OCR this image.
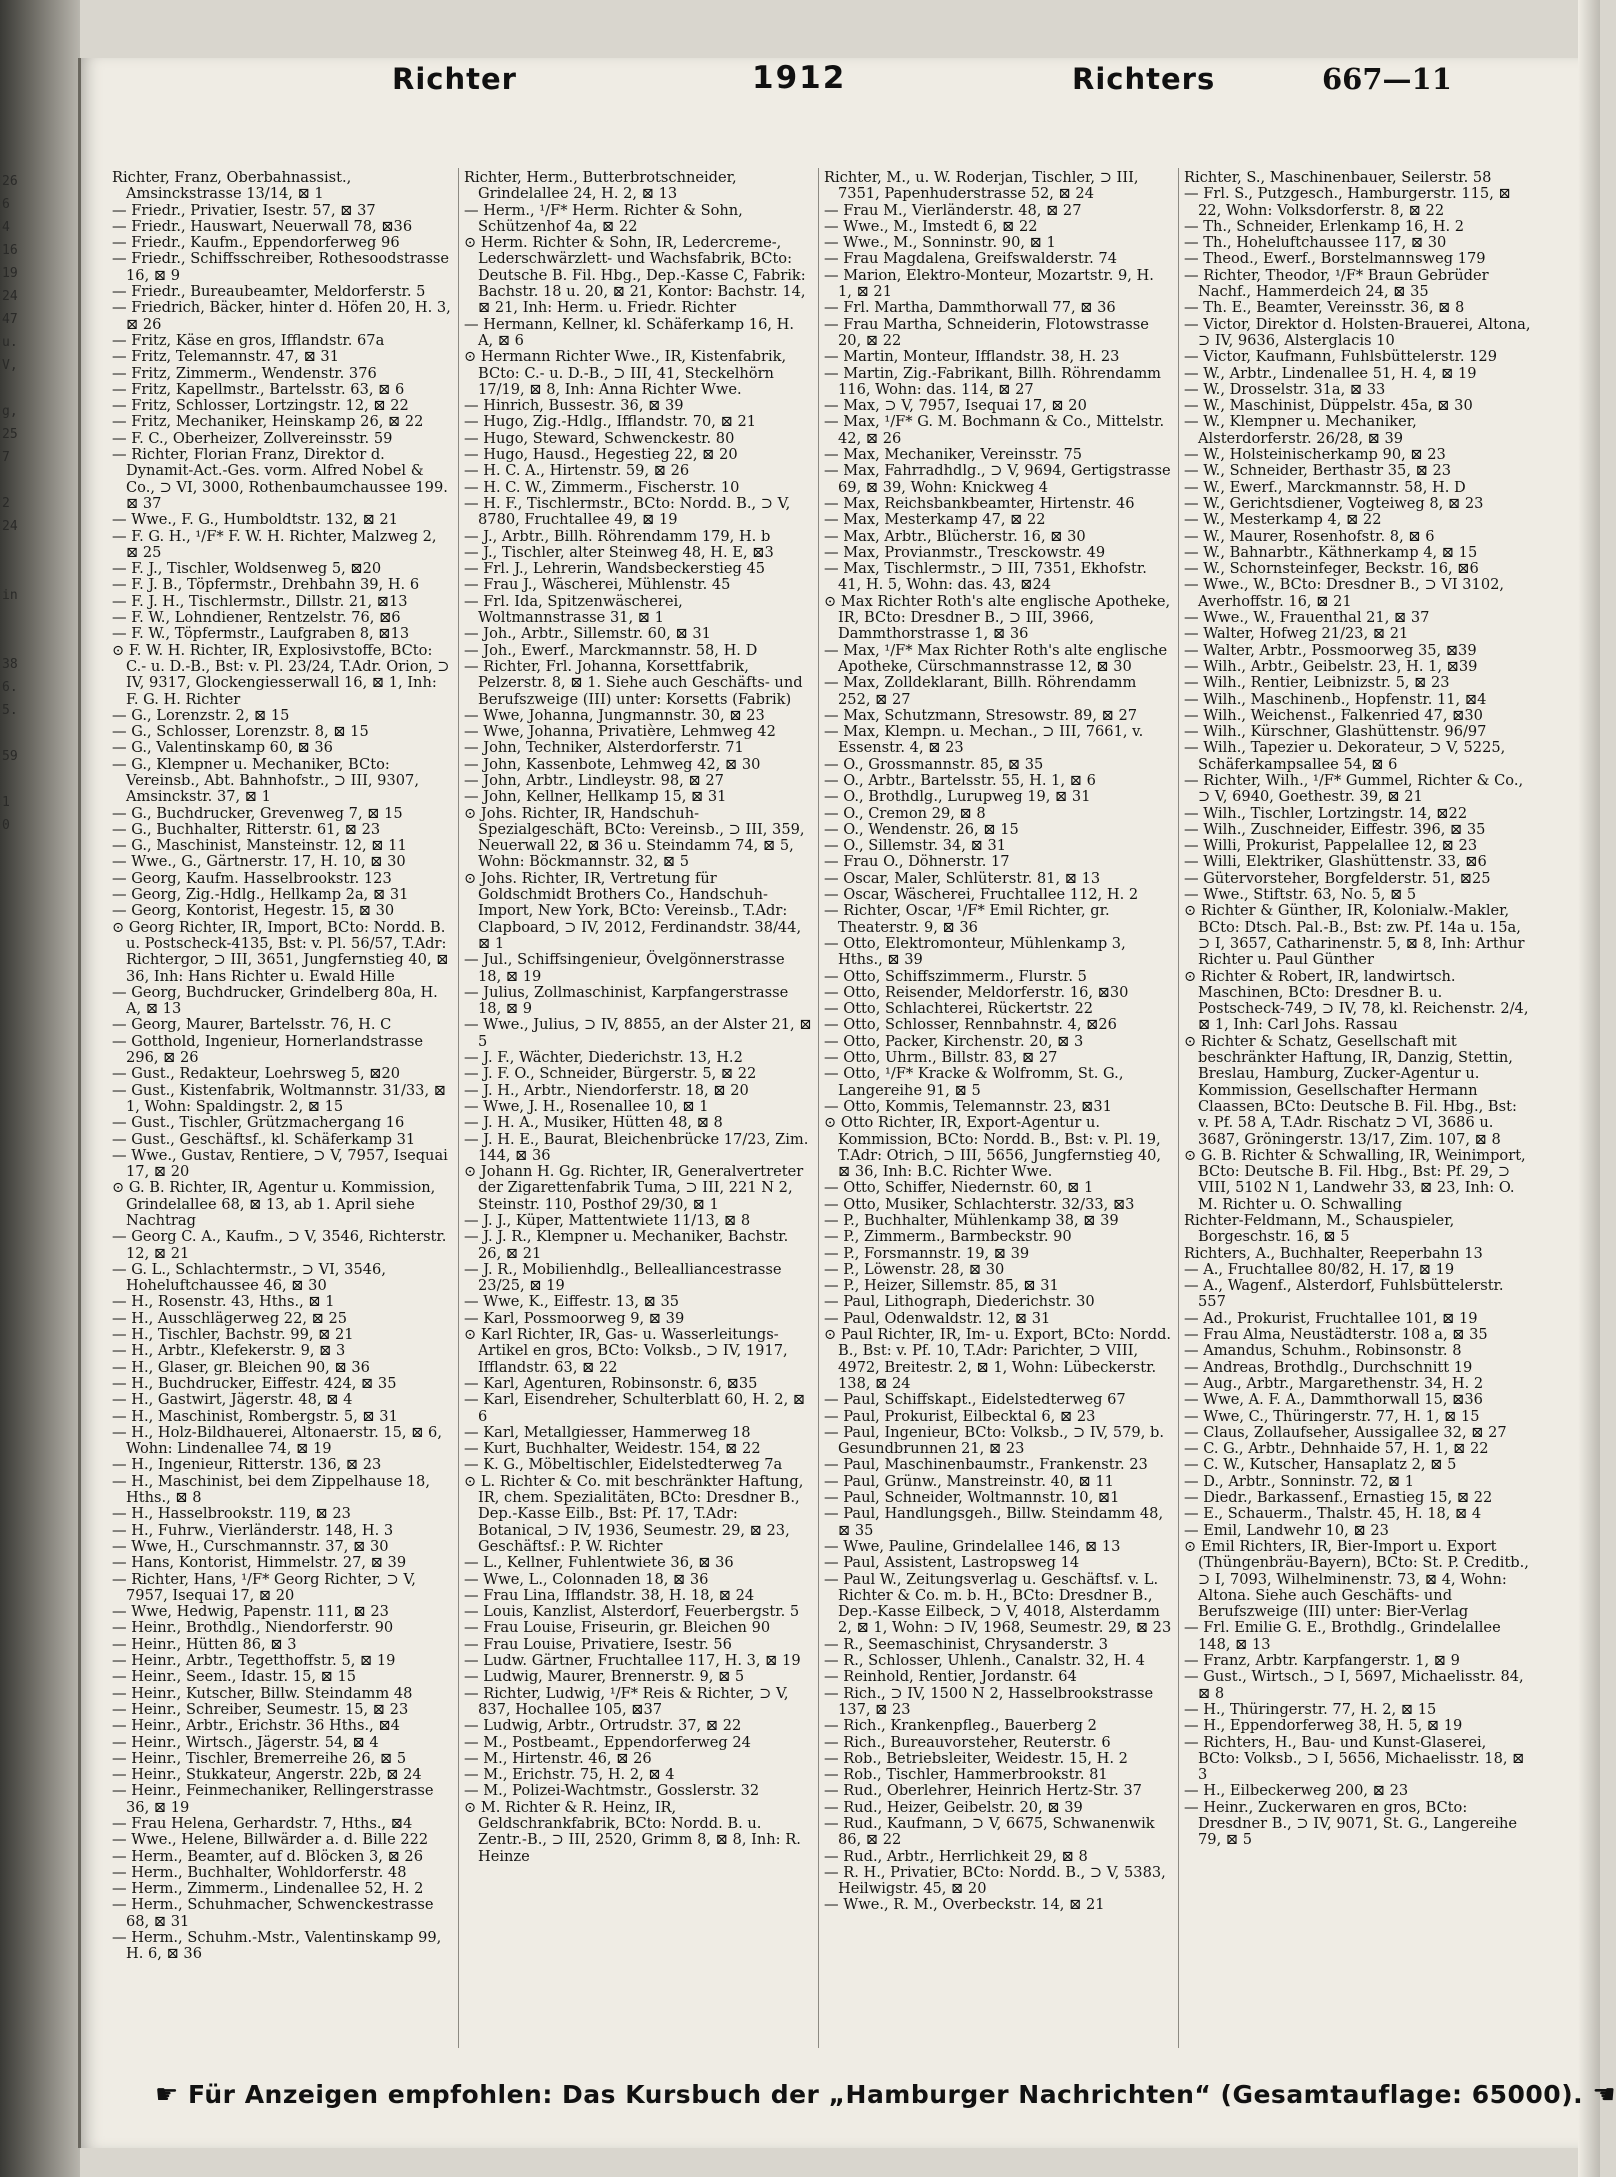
26
6
4
16
19
24
47
u.
V,

g,
25
7

2
24

in

38
6.
5.

59

1
0

Richter	1912	Richters	667—11

Richter, Franz, Oberbahnassist., Amsinckstrasse 13/14, ⊠ 1

— Friedr., Privatier, Isestr. 57, ⊠ 37

— Friedr., Hauswart, Neuerwall 78, ⊠36

— Friedr., Kaufm., Eppendorferweg 96

— Friedr., Schiffsschreiber, Rothesoodstrasse 16, ⊠ 9

— Friedr., Bureaubeamter, Meldorferstr. 5

— Friedrich, Bäcker, hinter d. Höfen 20, H. 3, ⊠ 26

— Fritz, Käse en gros, Ifflandstr. 67a

— Fritz, Telemannstr. 47, ⊠ 31

— Fritz, Zimmerm., Wendenstr. 376

— Fritz, Kapellmstr., Bartelsstr. 63, ⊠ 6

— Fritz, Schlosser, Lortzingstr. 12, ⊠ 22

— Fritz, Mechaniker, Heinskamp 26, ⊠ 22

— F. C., Oberheizer, Zollvereinsstr. 59

— Richter, Florian Franz, Direktor d. Dynamit-Act.-Ges. vorm. Alfred Nobel & Co., ⊃ VI, 3000, Rothenbaumchaussee 199. ⊠ 37

— Wwe., F. G., Humboldtstr. 132, ⊠ 21

— F. G. H., ¹/F* F. W. H. Richter, Malzweg 2, ⊠ 25

— F. J., Tischler, Woldsenweg 5, ⊠20

— F. J. B., Töpfermstr., Drehbahn 39, H. 6

— F. J. H., Tischlermstr., Dillstr. 21, ⊠13

— F. W., Lohndiener, Rentzelstr. 76, ⊠6

— F. W., Töpfermstr., Laufgraben 8, ⊠13

⊙ F. W. H. Richter, IR, Explosivstoffe, BCto: C.- u. D.-B., Bst: v. Pl. 23/24, T.Adr. Orion, ⊃ IV, 9317, Glockengiesserwall 16, ⊠ 1, Inh: F. G. H. Richter

— G., Lorenzstr. 2, ⊠ 15

— G., Schlosser, Lorenzstr. 8, ⊠ 15

— G., Valentinskamp 60, ⊠ 36

— G., Klempner u. Mechaniker, BCto: Vereinsb., Abt. Bahnhofstr., ⊃ III, 9307, Amsinckstr. 37, ⊠ 1

— G., Buchdrucker, Grevenweg 7, ⊠ 15

— G., Buchhalter, Ritterstr. 61, ⊠ 23

— G., Maschinist, Mansteinstr. 12, ⊠ 11

— Wwe., G., Gärtnerstr. 17, H. 10, ⊠ 30

— Georg, Kaufm. Hasselbrookstr. 123

— Georg, Zig.-Hdlg., Hellkamp 2a, ⊠ 31

— Georg, Kontorist, Hegestr. 15, ⊠ 30

⊙ Georg Richter, IR, Import, BCto: Nordd. B. u. Postscheck-4135, Bst: v. Pl. 56/57, T.Adr: Richtergor, ⊃ III, 3651, Jungfernstieg 40, ⊠ 36, Inh: Hans Richter u. Ewald Hille

— Georg, Buchdrucker, Grindelberg 80a, H. A, ⊠ 13

— Georg, Maurer, Bartelsstr. 76, H. C

— Gotthold, Ingenieur, Hornerlandstrasse 296, ⊠ 26

— Gust., Redakteur, Loehrsweg 5, ⊠20

— Gust., Kistenfabrik, Woltmannstr. 31/33, ⊠ 1, Wohn: Spaldingstr. 2, ⊠ 15

— Gust., Tischler, Grützmachergang 16

— Gust., Geschäftsf., kl. Schäferkamp 31

— Wwe., Gustav, Rentiere, ⊃ V, 7957, Isequai 17, ⊠ 20

⊙ G. B. Richter, IR, Agentur u. Kommission, Grindelallee 68, ⊠ 13, ab 1. April siehe Nachtrag

— Georg C. A., Kaufm., ⊃ V, 3546, Richterstr. 12, ⊠ 21

— G. L., Schlachtermstr., ⊃ VI, 3546, Hoheluftchaussee 46, ⊠ 30

— H., Rosenstr. 43, Hths., ⊠ 1

— H., Ausschlägerweg 22, ⊠ 25

— H., Tischler, Bachstr. 99, ⊠ 21

— H., Arbtr., Klefekerstr. 9, ⊠ 3

— H., Glaser, gr. Bleichen 90, ⊠ 36

— H., Buchdrucker, Eiffestr. 424, ⊠ 35

— H., Gastwirt, Jägerstr. 48, ⊠ 4

— H., Maschinist, Rombergstr. 5, ⊠ 31

— H., Holz-Bildhauerei, Altonaerstr. 15, ⊠ 6, Wohn: Lindenallee 74, ⊠ 19

— H., Ingenieur, Ritterstr. 136, ⊠ 23

— H., Maschinist, bei dem Zippelhause 18, Hths., ⊠ 8

— H., Hasselbrookstr. 119, ⊠ 23

— H., Fuhrw., Vierländerstr. 148, H. 3

— Wwe, H., Curschmannstr. 37, ⊠ 30

— Hans, Kontorist, Himmelstr. 27, ⊠ 39

— Richter, Hans, ¹/F* Georg Richter, ⊃ V, 7957, Isequai 17, ⊠ 20

— Wwe, Hedwig, Papenstr. 111, ⊠ 23

— Heinr., Brothdlg., Niendorferstr. 90

— Heinr., Hütten 86, ⊠ 3

— Heinr., Arbtr., Tegetthoffstr. 5, ⊠ 19

— Heinr., Seem., Idastr. 15, ⊠ 15

— Heinr., Kutscher, Billw. Steindamm 48

— Heinr., Schreiber, Seumestr. 15, ⊠ 23

— Heinr., Arbtr., Erichstr. 36 Hths., ⊠4

— Heinr., Wirtsch., Jägerstr. 54, ⊠ 4

— Heinr., Tischler, Bremerreihe 26, ⊠ 5

— Heinr., Stukkateur, Angerstr. 22b, ⊠ 24

— Heinr., Feinmechaniker, Rellingerstrasse 36, ⊠ 19

— Frau Helena, Gerhardstr. 7, Hths., ⊠4

— Wwe., Helene, Billwärder a. d. Bille 222

— Herm., Beamter, auf d. Blöcken 3, ⊠ 26

— Herm., Buchhalter, Wohldorferstr. 48

— Herm., Zimmerm., Lindenallee 52, H. 2

— Herm., Schuhmacher, Schwenckestrasse 68, ⊠ 31

— Herm., Schuhm.-Mstr., Valentinskamp 99, H. 6, ⊠ 36

Richter, Herm., Butterbrotschneider, Grindelallee 24, H. 2, ⊠ 13

— Herm., ¹/F* Herm. Richter & Sohn, Schützenhof 4a, ⊠ 22

⊙ Herm. Richter & Sohn, IR, Ledercreme-, Lederschwärzlett- und Wachsfabrik, BCto: Deutsche B. Fil. Hbg., Dep.-Kasse C, Fabrik: Bachstr. 18 u. 20, ⊠ 21, Kontor: Bachstr. 14, ⊠ 21, Inh: Herm. u. Friedr. Richter

— Hermann, Kellner, kl. Schäferkamp 16, H. A, ⊠ 6

⊙ Hermann Richter Wwe., IR, Kistenfabrik, BCto: C.- u. D.-B., ⊃ III, 41, Steckelhörn 17/19, ⊠ 8, Inh: Anna Richter Wwe.

— Hinrich, Bussestr. 36, ⊠ 39

— Hugo, Zig.-Hdlg., Ifflandstr. 70, ⊠ 21

— Hugo, Steward, Schwenckestr. 80

— Hugo, Hausd., Hegestieg 22, ⊠ 20

— H. C. A., Hirtenstr. 59, ⊠ 26

— H. C. W., Zimmerm., Fischerstr. 10

— H. F., Tischlermstr., BCto: Nordd. B., ⊃ V, 8780, Fruchtallee 49, ⊠ 19

— J., Arbtr., Billh. Röhrendamm 179, H. b

— J., Tischler, alter Steinweg 48, H. E, ⊠3

— Frl. J., Lehrerin, Wandsbeckerstieg 45

— Frau J., Wäscherei, Mühlenstr. 45

— Frl. Ida, Spitzenwäscherei, Woltmannstrasse 31, ⊠ 1

— Joh., Arbtr., Sillemstr. 60, ⊠ 31

— Joh., Ewerf., Marckmannstr. 58, H. D

— Richter, Frl. Johanna, Korsettfabrik, Pelzerstr. 8, ⊠ 1. Siehe auch Geschäfts- und Berufszweige (III) unter: Korsetts (Fabrik)

— Wwe, Johanna, Jungmannstr. 30, ⊠ 23

— Wwe, Johanna, Privatière, Lehmweg 42

— John, Techniker, Alsterdorferstr. 71

— John, Kassenbote, Lehmweg 42, ⊠ 30

— John, Arbtr., Lindleystr. 98, ⊠ 27

— John, Kellner, Hellkamp 15, ⊠ 31

⊙ Johs. Richter, IR, Handschuh-Spezialgeschäft, BCto: Vereinsb., ⊃ III, 359, Neuerwall 22, ⊠ 36 u. Steindamm 74, ⊠ 5, Wohn: Böckmannstr. 32, ⊠ 5

⊙ Johs. Richter, IR, Vertretung für Goldschmidt Brothers Co., Handschuh-Import, New York, BCto: Vereinsb., T.Adr: Clapboard, ⊃ IV, 2012, Ferdinandstr. 38/44, ⊠ 1

— Jul., Schiffsingenieur, Övelgönnerstrasse 18, ⊠ 19

— Julius, Zollmaschinist, Karpfangerstrasse 18, ⊠ 9

— Wwe., Julius, ⊃ IV, 8855, an der Alster 21, ⊠ 5

— J. F., Wächter, Diederichstr. 13, H.2

— J. F. O., Schneider, Bürgerstr. 5, ⊠ 22

— J. H., Arbtr., Niendorferstr. 18, ⊠ 20

— Wwe, J. H., Rosenallee 10, ⊠ 1

— J. H. A., Musiker, Hütten 48, ⊠ 8

— J. H. E., Baurat, Bleichenbrücke 17/23, Zim. 144, ⊠ 36

⊙ Johann H. Gg. Richter, IR, Generalvertreter der Zigarettenfabrik Tuma, ⊃ III, 221 N 2, Steinstr. 110, Posthof 29/30, ⊠ 1

— J. J., Küper, Mattentwiete 11/13, ⊠ 8

— J. J. R., Klempner u. Mechaniker, Bachstr. 26, ⊠ 21

— J. R., Mobilienhdlg., Bellealliancestrasse 23/25, ⊠ 19

— Wwe, K., Eiffestr. 13, ⊠ 35

— Karl, Possmoorweg 9, ⊠ 39

⊙ Karl Richter, IR, Gas- u. Wasserleitungs-Artikel en gros, BCto: Volksb., ⊃ IV, 1917, Ifflandstr. 63, ⊠ 22

— Karl, Agenturen, Robinsonstr. 6, ⊠35

— Karl, Eisendreher, Schulterblatt 60, H. 2, ⊠ 6

— Karl, Metallgiesser, Hammerweg 18

— Kurt, Buchhalter, Weidestr. 154, ⊠ 22

— K. G., Möbeltischler, Eidelstedterweg 7a

⊙ L. Richter & Co. mit beschränkter Haftung, IR, chem. Spezialitäten, BCto: Dresdner B., Dep.-Kasse Eilb., Bst: Pf. 17, T.Adr: Botanical, ⊃ IV, 1936, Seumestr. 29, ⊠ 23, Geschäftsf.: P. W. Richter

— L., Kellner, Fuhlentwiete 36, ⊠ 36

— Wwe, L., Colonnaden 18, ⊠ 36

— Frau Lina, Ifflandstr. 38, H. 18, ⊠ 24

— Louis, Kanzlist, Alsterdorf, Feuerbergstr. 5

— Frau Louise, Friseurin, gr. Bleichen 90

— Frau Louise, Privatiere, Isestr. 56

— Ludw. Gärtner, Fruchtallee 117, H. 3, ⊠ 19

— Ludwig, Maurer, Brennerstr. 9, ⊠ 5

— Richter, Ludwig, ¹/F* Reis & Richter, ⊃ V, 837, Hochallee 105, ⊠37

— Ludwig, Arbtr., Ortrudstr. 37, ⊠ 22

— M., Postbeamt., Eppendorferweg 24

— M., Hirtenstr. 46, ⊠ 26

— M., Erichstr. 75, H. 2, ⊠ 4

— M., Polizei-Wachtmstr., Gosslerstr. 32

⊙ M. Richter & R. Heinz, IR, Geldschrankfabrik, BCto: Nordd. B. u. Zentr.-B., ⊃ III, 2520, Grimm 8, ⊠ 8, Inh: R. Heinze

Richter, M., u. W. Roderjan, Tischler, ⊃ III, 7351, Papenhuderstrasse 52, ⊠ 24

— Frau M., Vierländerstr. 48, ⊠ 27

— Wwe., M., Imstedt 6, ⊠ 22

— Wwe., M., Sonninstr. 90, ⊠ 1

— Frau Magdalena, Greifswalderstr. 74

— Marion, Elektro-Monteur, Mozartstr. 9, H. 1, ⊠ 21

— Frl. Martha, Dammthorwall 77, ⊠ 36

— Frau Martha, Schneiderin, Flotowstrasse 20, ⊠ 22

— Martin, Monteur, Ifflandstr. 38, H. 23

— Martin, Zig.-Fabrikant, Billh. Röhrendamm 116, Wohn: das. 114, ⊠ 27

— Max, ⊃ V, 7957, Isequai 17, ⊠ 20

— Max, ¹/F* G. M. Bochmann & Co., Mittelstr. 42, ⊠ 26

— Max, Mechaniker, Vereinsstr. 75

— Max, Fahrradhdlg., ⊃ V, 9694, Gertigstrasse 69, ⊠ 39, Wohn: Knickweg 4

— Max, Reichsbankbeamter, Hirtenstr. 46

— Max, Mesterkamp 47, ⊠ 22

— Max, Arbtr., Blücherstr. 16, ⊠ 30

— Max, Provianmstr., Tresckowstr. 49

— Max, Tischlermstr., ⊃ III, 7351, Ekhofstr. 41, H. 5, Wohn: das. 43, ⊠24

⊙ Max Richter Roth's alte englische Apotheke, IR, BCto: Dresdner B., ⊃ III, 3966, Dammthorstrasse 1, ⊠ 36

— Max, ¹/F* Max Richter Roth's alte englische Apotheke, Cürschmannstrasse 12, ⊠ 30

— Max, Zolldeklarant, Billh. Röhrendamm 252, ⊠ 27

— Max, Schutzmann, Stresowstr. 89, ⊠ 27

— Max, Klempn. u. Mechan., ⊃ III, 7661, v. Essenstr. 4, ⊠ 23

— O., Grossmannstr. 85, ⊠ 35

— O., Arbtr., Bartelsstr. 55, H. 1, ⊠ 6

— O., Brothdlg., Lurupweg 19, ⊠ 31

— O., Cremon 29, ⊠ 8

— O., Wendenstr. 26, ⊠ 15

— O., Sillemstr. 34, ⊠ 31

— Frau O., Döhnerstr. 17

— Oscar, Maler, Schlüterstr. 81, ⊠ 13

— Oscar, Wäscherei, Fruchtallee 112, H. 2

— Richter, Oscar, ¹/F* Emil Richter, gr. Theaterstr. 9, ⊠ 36

— Otto, Elektromonteur, Mühlenkamp 3, Hths., ⊠ 39

— Otto, Schiffszimmerm., Flurstr. 5

— Otto, Reisender, Meldorferstr. 16, ⊠30

— Otto, Schlachterei, Rückertstr. 22

— Otto, Schlosser, Rennbahnstr. 4, ⊠26

— Otto, Packer, Kirchenstr. 20, ⊠ 3

— Otto, Uhrm., Billstr. 83, ⊠ 27

— Otto, ¹/F* Kracke & Wolfromm, St. G., Langereihe 91, ⊠ 5

— Otto, Kommis, Telemannstr. 23, ⊠31

⊙ Otto Richter, IR, Export-Agentur u. Kommission, BCto: Nordd. B., Bst: v. Pl. 19, T.Adr: Otrich, ⊃ III, 5656, Jungfernstieg 40, ⊠ 36, Inh: B.C. Richter Wwe.

— Otto, Schiffer, Niedernstr. 60, ⊠ 1

— Otto, Musiker, Schlachterstr. 32/33, ⊠3

— P., Buchhalter, Mühlenkamp 38, ⊠ 39

— P., Zimmerm., Barmbeckstr. 90

— P., Forsmannstr. 19, ⊠ 39

— P., Löwenstr. 28, ⊠ 30

— P., Heizer, Sillemstr. 85, ⊠ 31

— Paul, Lithograph, Diederichstr. 30

— Paul, Odenwaldstr. 12, ⊠ 31

⊙ Paul Richter, IR, Im- u. Export, BCto: Nordd. B., Bst: v. Pf. 10, T.Adr: Parichter, ⊃ VIII, 4972, Breitestr. 2, ⊠ 1, Wohn: Lübeckerstr. 138, ⊠ 24

— Paul, Schiffskapt., Eidelstedterweg 67

— Paul, Prokurist, Eilbecktal 6, ⊠ 23

— Paul, Ingenieur, BCto: Volksb., ⊃ IV, 579, b. Gesundbrunnen 21, ⊠ 23

— Paul, Maschinenbaumstr., Frankenstr. 23

— Paul, Grünw., Manstreinstr. 40, ⊠ 11

— Paul, Schneider, Woltmannstr. 10, ⊠1

— Paul, Handlungsgeh., Billw. Steindamm 48, ⊠ 35

— Wwe, Pauline, Grindelallee 146, ⊠ 13

— Paul, Assistent, Lastropsweg 14

— Paul W., Zeitungsverlag u. Geschäftsf. v. L. Richter & Co. m. b. H., BCto: Dresdner B., Dep.-Kasse Eilbeck, ⊃ V, 4018, Alsterdamm 2, ⊠ 1, Wohn: ⊃ IV, 1968, Seumestr. 29, ⊠ 23

— R., Seemaschinist, Chrysanderstr. 3

— R., Schlosser, Uhlenh., Canalstr. 32, H. 4

— Reinhold, Rentier, Jordanstr. 64

— Rich., ⊃ IV, 1500 N 2, Hasselbrookstrasse 137, ⊠ 23

— Rich., Krankenpfleg., Bauerberg 2

— Rich., Bureauvorsteher, Reuterstr. 6

— Rob., Betriebsleiter, Weidestr. 15, H. 2

— Rob., Tischler, Hammerbrookstr. 81

— Rud., Oberlehrer, Heinrich Hertz-Str. 37

— Rud., Heizer, Geibelstr. 20, ⊠ 39

— Rud., Kaufmann, ⊃ V, 6675, Schwanenwik 86, ⊠ 22

— Rud., Arbtr., Herrlichkeit 29, ⊠ 8

— R. H., Privatier, BCto: Nordd. B., ⊃ V, 5383, Heilwigstr. 45, ⊠ 20

— Wwe., R. M., Overbeckstr. 14, ⊠ 21

Richter, S., Maschinenbauer, Seilerstr. 58

— Frl. S., Putzgesch., Hamburgerstr. 115, ⊠ 22, Wohn: Volksdorferstr. 8, ⊠ 22

— Th., Schneider, Erlenkamp 16, H. 2

— Th., Hoheluftchaussee 117, ⊠ 30

— Theod., Ewerf., Borstelmannsweg 179

— Richter, Theodor, ¹/F* Braun Gebrüder Nachf., Hammerdeich 24, ⊠ 35

— Th. E., Beamter, Vereinsstr. 36, ⊠ 8

— Victor, Direktor d. Holsten-Brauerei, Altona, ⊃ IV, 9636, Alsterglacis 10

— Victor, Kaufmann, Fuhlsbüttelerstr. 129

— W., Arbtr., Lindenallee 51, H. 4, ⊠ 19

— W., Drosselstr. 31a, ⊠ 33

— W., Maschinist, Düppelstr. 45a, ⊠ 30

— W., Klempner u. Mechaniker, Alsterdorferstr. 26/28, ⊠ 39

— W., Holsteinischerkamp 90, ⊠ 23

— W., Schneider, Berthastr 35, ⊠ 23

— W., Ewerf., Marckmannstr. 58, H. D

— W., Gerichtsdiener, Vogteiweg 8, ⊠ 23

— W., Mesterkamp 4, ⊠ 22

— W., Maurer, Rosenhofstr. 8, ⊠ 6

— W., Bahnarbtr., Käthnerkamp 4, ⊠ 15

— W., Schornsteinfeger, Beckstr. 16, ⊠6

— Wwe., W., BCto: Dresdner B., ⊃ VI 3102, Averhoffstr. 16, ⊠ 21

— Wwe., W., Frauenthal 21, ⊠ 37

— Walter, Hofweg 21/23, ⊠ 21

— Walter, Arbtr., Possmoorweg 35, ⊠39

— Wilh., Arbtr., Geibelstr. 23, H. 1, ⊠39

— Wilh., Rentier, Leibnizstr. 5, ⊠ 23

— Wilh., Maschinenb., Hopfenstr. 11, ⊠4

— Wilh., Weichenst., Falkenried 47, ⊠30

— Wilh., Kürschner, Glashüttenstr. 96/97

— Wilh., Tapezier u. Dekorateur, ⊃ V, 5225, Schäferkampsallee 54, ⊠ 6

— Richter, Wilh., ¹/F* Gummel, Richter & Co., ⊃ V, 6940, Goethestr. 39, ⊠ 21

— Wilh., Tischler, Lortzingstr. 14, ⊠22

— Wilh., Zuschneider, Eiffestr. 396, ⊠ 35

— Willi, Prokurist, Pappelallee 12, ⊠ 23

— Willi, Elektriker, Glashüttenstr. 33, ⊠6

— Gütervorsteher, Borgfelderstr. 51, ⊠25

— Wwe., Stiftstr. 63, No. 5, ⊠ 5

⊙ Richter & Günther, IR, Kolonialw.-Makler, BCto: Dtsch. Pal.-B., Bst: zw. Pf. 14a u. 15a, ⊃ I, 3657, Catharinenstr. 5, ⊠ 8, Inh: Arthur Richter u. Paul Günther

⊙ Richter & Robert, IR, landwirtsch. Maschinen, BCto: Dresdner B. u. Postscheck-749, ⊃ IV, 78, kl. Reichenstr. 2/4, ⊠ 1, Inh: Carl Johs. Rassau

⊙ Richter & Schatz, Gesellschaft mit beschränkter Haftung, IR, Danzig, Stettin, Breslau, Hamburg, Zucker-Agentur u. Kommission, Gesellschafter Hermann Claassen, BCto: Deutsche B. Fil. Hbg., Bst: v. Pf. 58 A, T.Adr. Rischatz ⊃ VI, 3686 u. 3687, Gröningerstr. 13/17, Zim. 107, ⊠ 8

⊙ G. B. Richter & Schwalling, IR, Weinimport, BCto: Deutsche B. Fil. Hbg., Bst: Pf. 29, ⊃ VIII, 5102 N 1, Landwehr 33, ⊠ 23, Inh: O. M. Richter u. O. Schwalling

Richter-Feldmann, M., Schauspieler, Borgeschstr. 16, ⊠ 5

Richters, A., Buchhalter, Reeperbahn 13

— A., Fruchtallee 80/82, H. 17, ⊠ 19

— A., Wagenf., Alsterdorf, Fuhlsbüttelerstr. 557

— Ad., Prokurist, Fruchtallee 101, ⊠ 19

— Frau Alma, Neustädterstr. 108 a, ⊠ 35

— Amandus, Schuhm., Robinsonstr. 8

— Andreas, Brothdlg., Durchschnitt 19

— Aug., Arbtr., Margarethenstr. 34, H. 2

— Wwe, A. F. A., Dammthorwall 15, ⊠36

— Wwe, C., Thüringerstr. 77, H. 1, ⊠ 15

— Claus, Zollaufseher, Aussigallee 32, ⊠ 27

— C. G., Arbtr., Dehnhaide 57, H. 1, ⊠ 22

— C. W., Kutscher, Hansaplatz 2, ⊠ 5

— D., Arbtr., Sonninstr. 72, ⊠ 1

— Diedr., Barkassenf., Ernastieg 15, ⊠ 22

— E., Schauerm., Thalstr. 45, H. 18, ⊠ 4

— Emil, Landwehr 10, ⊠ 23

⊙ Emil Richters, IR, Bier-Import u. Export (Thüngenbräu-Bayern), BCto: St. P. Creditb., ⊃ I, 7093, Wilhelminenstr. 73, ⊠ 4, Wohn: Altona. Siehe auch Geschäfts- und Berufszweige (III) unter: Bier-Verlag

— Frl. Emilie G. E., Brothdlg., Grindelallee 148, ⊠ 13

— Franz, Arbtr. Karpfangerstr. 1, ⊠ 9

— Gust., Wirtsch., ⊃ I, 5697, Michaelisstr. 84, ⊠ 8

— H., Thüringerstr. 77, H. 2, ⊠ 15

— H., Eppendorferweg 38, H. 5, ⊠ 19

— Richters, H., Bau- und Kunst-Glaserei, BCto: Volksb., ⊃ I, 5656, Michaelisstr. 18, ⊠ 3

— H., Eilbeckerweg 200, ⊠ 23

— Heinr., Zuckerwaren en gros, BCto: Dresdner B., ⊃ IV, 9071, St. G., Langereihe 79, ⊠ 5

☛ Für Anzeigen empfohlen: Das Kursbuch der „Hamburger Nachrichten“ (Gesamtauflage: 65000). ☚
